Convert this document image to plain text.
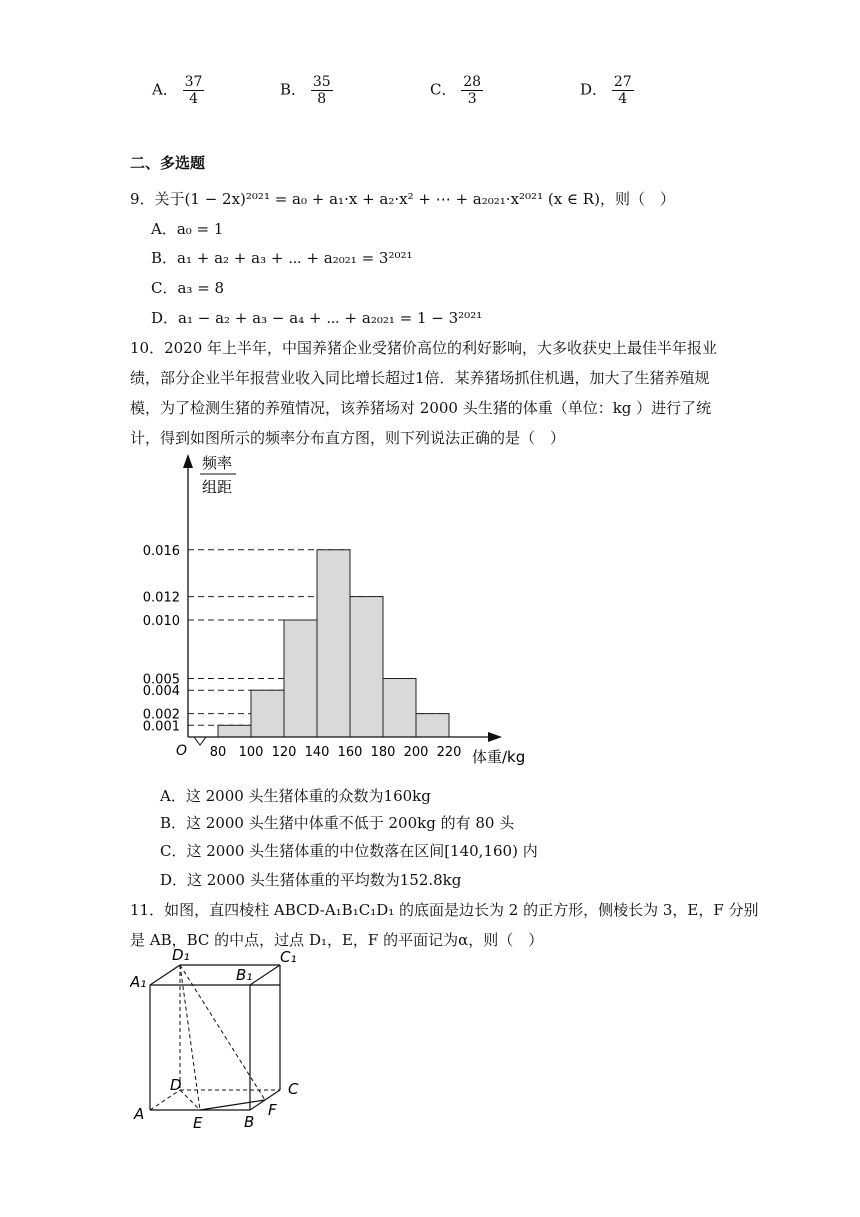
A． $\frac{37}{4}$	B． $\frac{35}{8}$	C． $\frac{28}{3}$	D． $\frac{27}{4}$
二、多选题
9．关于(1 − 2x)²⁰²¹ = a₀ + a₁·x + a₂·x² + ⋯ + a₂₀₂₁·x²⁰²¹ (x ∈ R)，则（　）
A．a₀ = 1
B．a₁ + a₂ + a₃ + ⋯ + a₂₀₂₁ = 3²⁰²¹
C．a₃ = 8
D．a₁ − a₂ + a₃ − a₄ + ⋯ + a₂₀₂₁ = 1 − 3²⁰²¹
10．2020 年上半年，中国养猪企业受猪价高位的利好影响，大多收获史上最佳半年报业
绩，部分企业半年报营业收入同比增长超过1倍．某养猪场抓住机遇，加大了生猪养殖规
模，为了检测生猪的养殖情况，该养猪场对 2000 头生猪的体重（单位：kg ）进行了统
计，得到如图所示的频率分布直方图，则下列说法正确的是（　）
0.001
0.002
0.004
0.005
0.010
0.012
0.016
80 100 120 140 160 180 200 220
O
频率
组距
体重/kg
A．这 2000 头生猪体重的众数为160kg
B．这 2000 头生猪中体重不低于 200kg 的有 80 头
C．这 2000 头生猪体重的中位数落在区间[140,160) 内
D．这 2000 头生猪体重的平均数为152.8kg
11．如图，直四棱柱 ABCD-A₁B₁C₁D₁ 的底面是边长为 2 的正方形，侧棱长为 3，E，F 分别
是 AB，BC 的中点，过点 D₁，E，F 的平面记为α，则（　）
D₁	C₁
A₁	B₁
D	C
A	B
E
F
